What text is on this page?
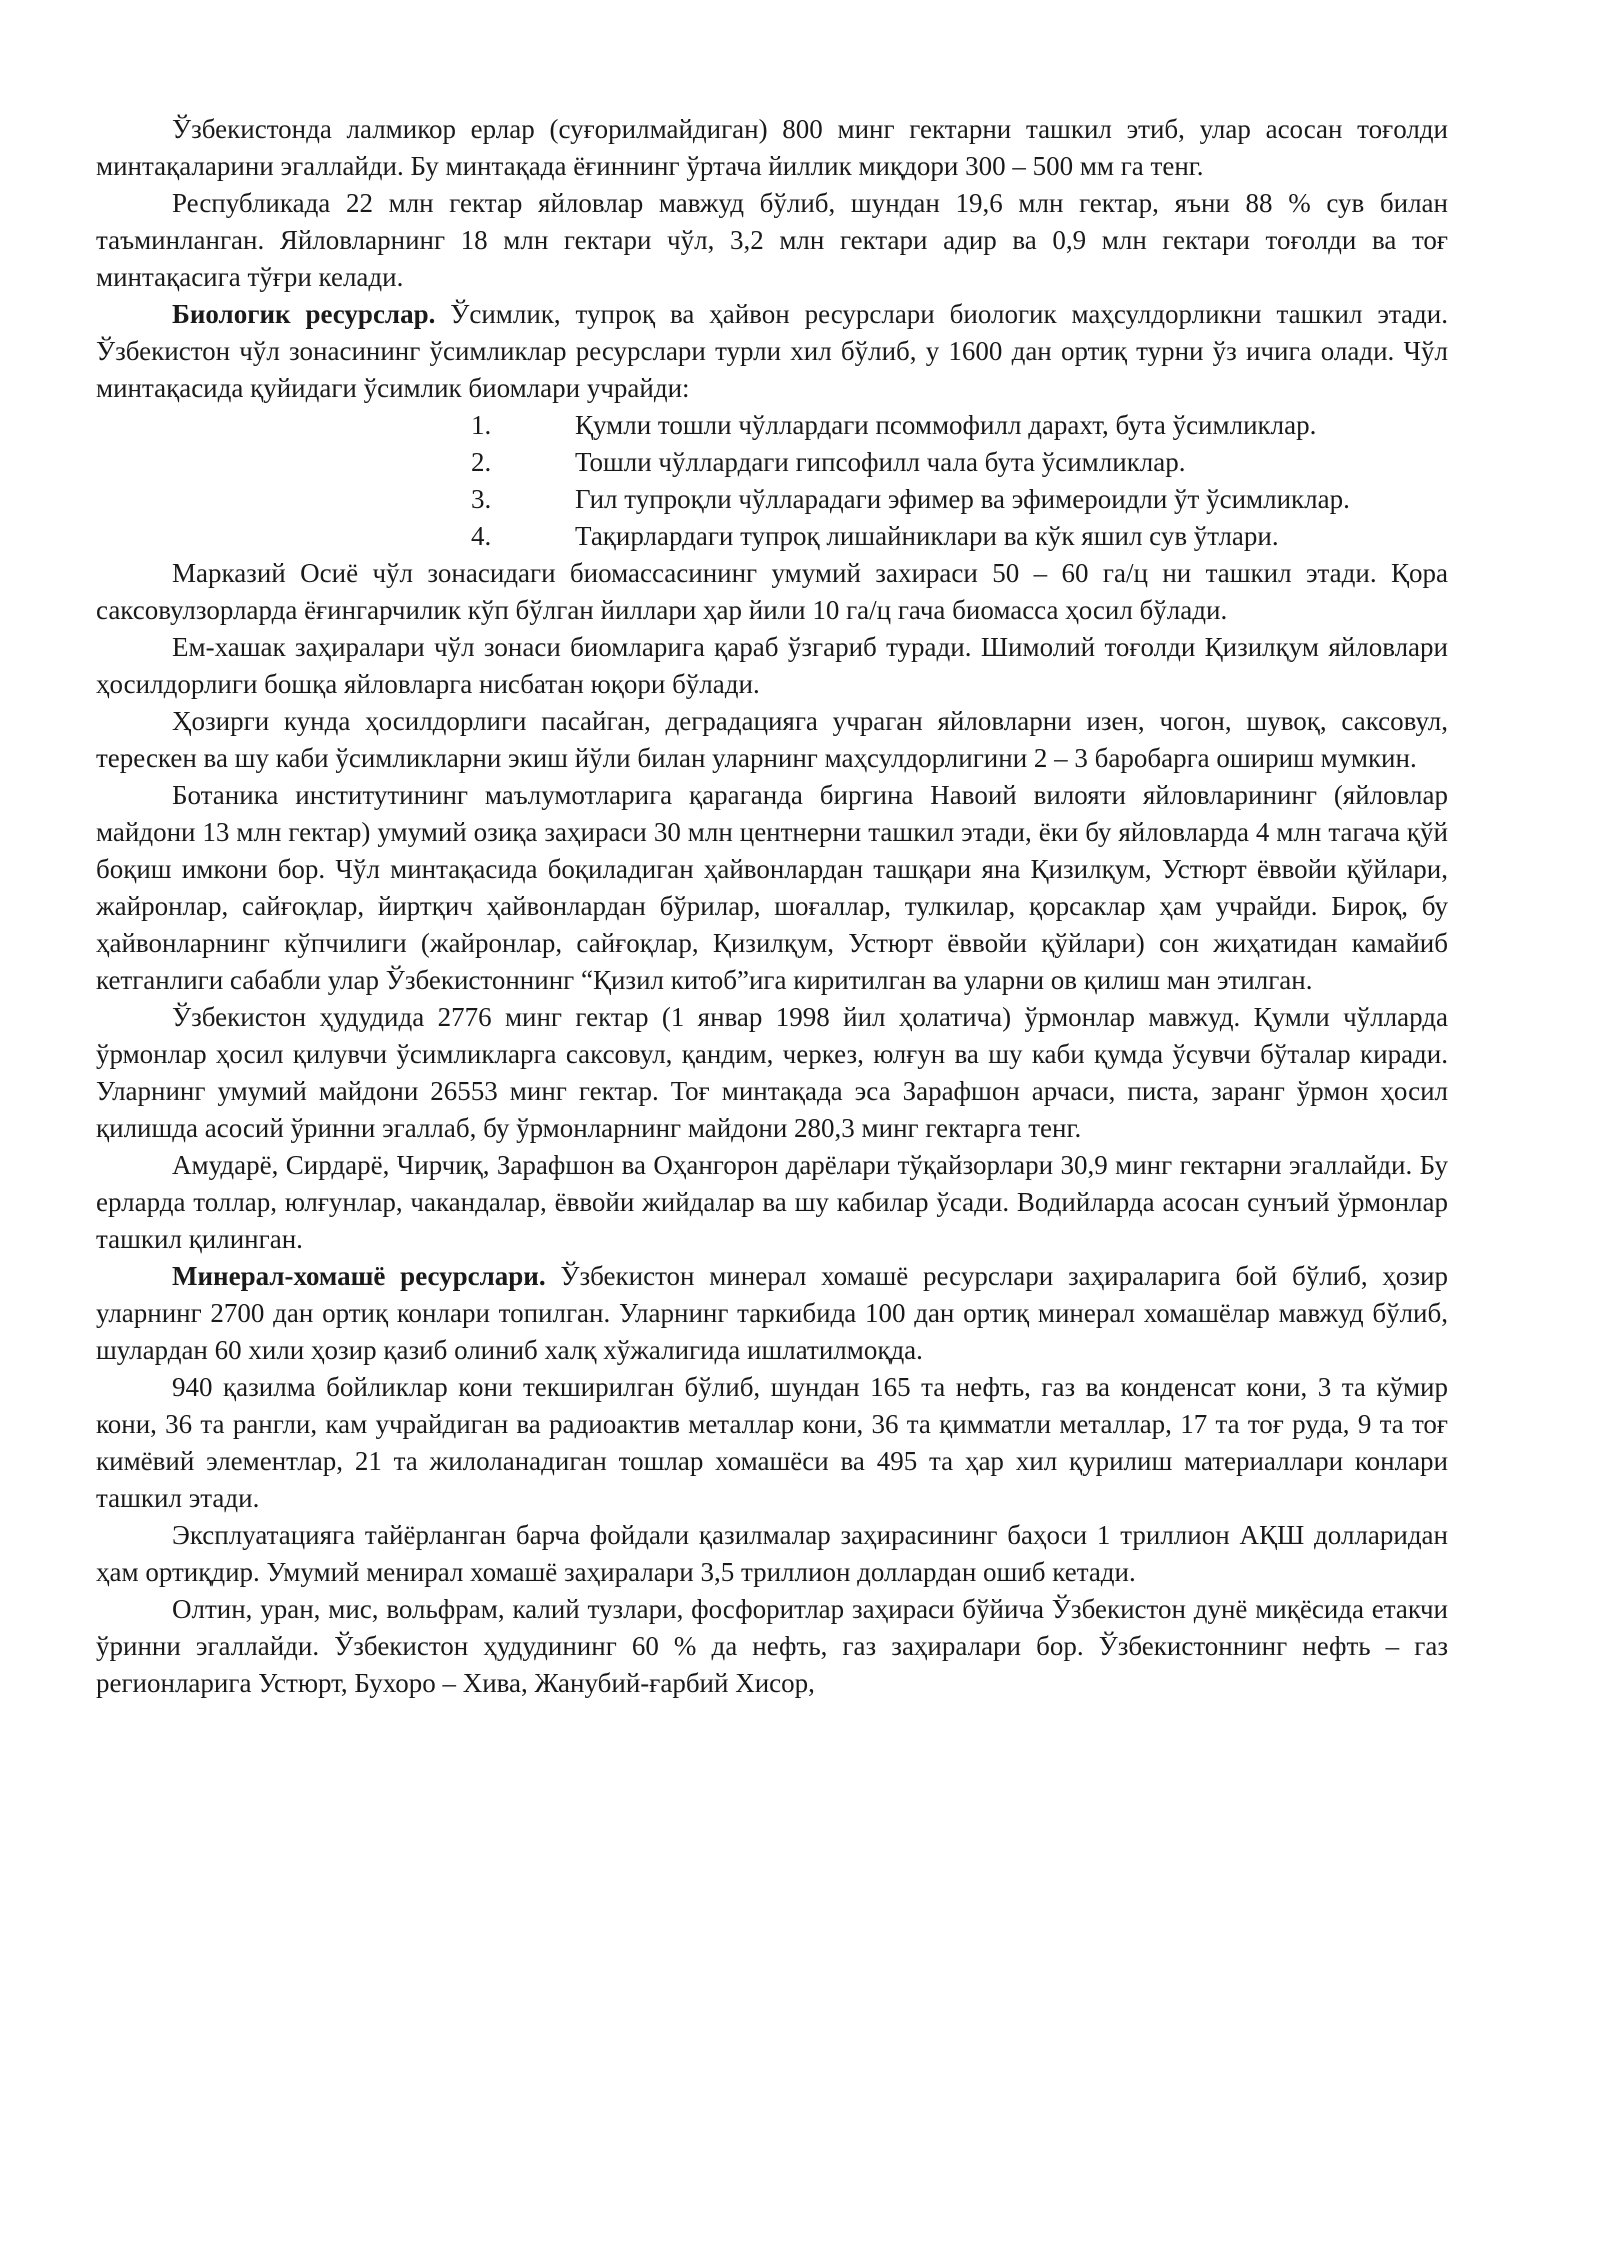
Ўзбекистонда лалмикор ерлар (суғорилмайдиган) 800 минг гектарни ташкил этиб, улар асосан тоғолди минтақаларини эгаллайди. Бу минтақада ёғиннинг ўртача йиллик миқдори 300 – 500 мм га тенг.

Республикада 22 млн гектар яйловлар мавжуд бўлиб, шундан 19,6 млн гектар, яъни 88 % сув билан таъминланган. Яйловларнинг 18 млн гектари чўл, 3,2 млн гектари адир ва 0,9 млн гектари тоғолди ва тоғ минтақасига тўғри келади.

Биологик ресурслар. Ўсимлик, тупроқ ва ҳайвон ресурслари биологик маҳсулдорликни ташкил этади. Ўзбекистон чўл зонасининг ўсимликлар ресурслари турли хил бўлиб, у 1600 дан ортиқ турни ўз ичига олади. Чўл минтақасида қуйидаги ўсимлик биомлари учрайди:

1.	Қумли тошли чўллардаги псоммофилл дарахт, бута ўсимликлар.
2.	Тошли чўллардаги гипсофилл чала бута ўсимликлар.
3.	Гил тупроқли чўлларадаги эфимер ва эфимероидли ўт ўсимликлар.
4.	Тақирлардаги тупроқ лишайниклари ва кўк яшил сув ўтлари.

Марказий Осиё чўл зонасидаги биомассасининг умумий захираси 50 – 60 га/ц ни ташкил этади. Қора саксовулзорларда ёғингарчилик кўп бўлган йиллари ҳар йили 10 га/ц гача биомасса ҳосил бўлади.

Ем-хашак заҳиралари чўл зонаси биомларига қараб ўзгариб туради. Шимолий тоғолди Қизилқум яйловлари ҳосилдорлиги бошқа яйловларга нисбатан юқори бўлади.

Ҳозирги кунда ҳосилдорлиги пасайган, деградацияга учраган яйловларни изен, чогон, шувоқ, саксовул, терескен ва шу каби ўсимликларни экиш йўли билан уларнинг маҳсулдорлигини 2 – 3 баробарга ошириш мумкин.

Ботаника институтининг маълумотларига қараганда биргина Навоий вилояти яйловларининг (яйловлар майдони 13 млн гектар) умумий озиқа заҳираси 30 млн центнерни ташкил этади, ёки бу яйловларда 4 млн тагача қўй боқиш имкони бор. Чўл минтақасида боқиладиган ҳайвонлардан ташқари яна Қизилқум, Устюрт ёввойи қўйлари, жайронлар, сайғоқлар, йиртқич ҳайвонлардан бўрилар, шоғаллар, тулкилар, қорсаклар ҳам учрайди. Бироқ, бу ҳайвонларнинг кўпчилиги (жайронлар, сайғоқлар, Қизилқум, Устюрт ёввойи қўйлари) сон жиҳатидан камайиб кетганлиги сабабли улар Ўзбекистоннинг “Қизил китоб”ига киритилган ва уларни ов қилиш ман этилган.

Ўзбекистон ҳудудида 2776 минг гектар (1 январ 1998 йил ҳолатича) ўрмонлар мавжуд. Қумли чўлларда ўрмонлар ҳосил қилувчи ўсимликларга саксовул, қандим, черкез, юлғун ва шу каби қумда ўсувчи бўталар киради. Уларнинг умумий майдони 26553 минг гектар. Тоғ минтақада эса Зарафшон арчаси, писта, заранг ўрмон ҳосил қилишда асосий ўринни эгаллаб, бу ўрмонларнинг майдони 280,3 минг гектарга тенг.

Амударё, Сирдарё, Чирчиқ, Зарафшон ва Оҳангорон дарёлари тўқайзорлари 30,9 минг гектарни эгаллайди. Бу ерларда толлар, юлғунлар, чакандалар, ёввойи жийдалар ва шу кабилар ўсади. Водийларда асосан сунъий ўрмонлар ташкил қилинган.

Минерал-хомашё ресурслари. Ўзбекистон минерал хомашё ресурслари заҳираларига бой бўлиб, ҳозир уларнинг 2700 дан ортиқ конлари топилган. Уларнинг таркибида 100 дан ортиқ минерал хомашёлар мавжуд бўлиб, шулардан 60 хили ҳозир қазиб олиниб халқ хўжалигида ишлатилмоқда.

940 қазилма бойликлар кони текширилган бўлиб, шундан 165 та нефть, газ ва конденсат кони, 3 та кўмир кони, 36 та рангли, кам учрайдиган ва радиоактив металлар кони, 36 та қимматли металлар, 17 та тоғ руда, 9 та тоғ кимёвий элементлар, 21 та жилоланадиган тошлар хомашёси ва 495 та ҳар хил қурилиш материаллари конлари ташкил этади.

Эксплуатацияга тайёрланган барча фойдали қазилмалар заҳирасининг баҳоси 1 триллион АҚШ долларидан ҳам ортиқдир. Умумий менирал хомашё заҳиралари 3,5 триллион доллардан ошиб кетади.

Олтин, уран, мис, вольфрам, калий тузлари, фосфоритлар заҳираси бўйича Ўзбекистон дунё миқёсида етакчи ўринни эгаллайди. Ўзбекистон ҳудудининг 60 % да нефть, газ заҳиралари бор. Ўзбекистоннинг нефть – газ регионларига Устюрт, Бухоро – Хива, Жанубий-ғарбий Хисор,
